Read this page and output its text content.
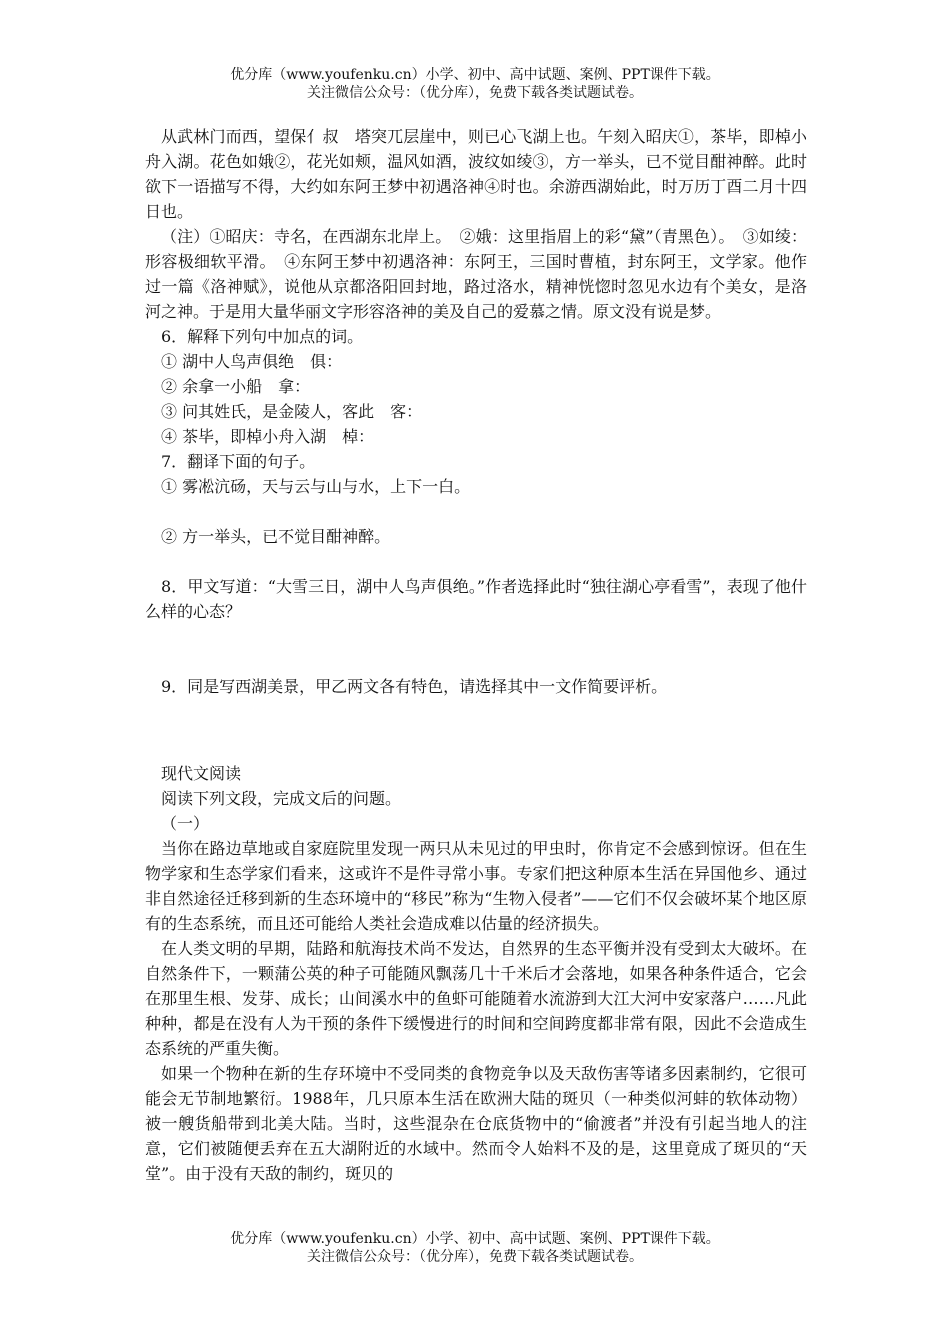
优分库（www.youfenku.cn）小学、初中、高中试题、案例、PPT课件下载。
关注微信公众号：（优分库），免费下载各类试题试卷。

从武林门而西，望保亻叔　塔突兀层崖中，则已心飞湖上也。午刻入昭庆①，茶毕，即棹小舟入湖。花色如娥②，花光如颊，温风如酒，波纹如绫③，方一举头，已不觉目酣神醉。此时欲下一语描写不得，大约如东阿王梦中初遇洛神④时也。余游西湖始此，时万历丁酉二月十四日也。

（注）①昭庆：寺名，在西湖东北岸上。　②娥：这里指眉上的彩“黛”（青黑色）。　③如绫：形容极细软平滑。　④东阿王梦中初遇洛神：东阿王，三国时曹植，封东阿王，文学家。他作过一篇《洛神赋》，说他从京都洛阳回封地，路过洛水，精神恍惚时忽见水边有个美女，是洛河之神。于是用大量华丽文字形容洛神的美及自己的爱慕之情。原文没有说是梦。

6．解释下列句中加点的词。

① 湖中人鸟声俱绝　俱：

② 余拿一小船　拿：

③ 问其姓氏，是金陵人，客此　客：

④ 茶毕，即棹小舟入湖　棹：

7．翻译下面的句子。

① 雾凇沆砀，天与云与山与水，上下一白。

② 方一举头，已不觉目酣神醉。

8．甲文写道：“大雪三日，湖中人鸟声俱绝。”作者选择此时“独往湖心亭看雪”，表现了他什么样的心态？

9．同是写西湖美景，甲乙两文各有特色，请选择其中一文作简要评析。

现代文阅读

阅读下列文段，完成文后的问题。

（一）

当你在路边草地或自家庭院里发现一两只从未见过的甲虫时，你肯定不会感到惊讶。但在生物学家和生态学家们看来，这或许不是件寻常小事。专家们把这种原本生活在异国他乡、通过非自然途径迁移到新的生态环境中的“移民”称为“生物入侵者”——它们不仅会破坏某个地区原有的生态系统，而且还可能给人类社会造成难以估量的经济损失。

在人类文明的早期，陆路和航海技术尚不发达，自然界的生态平衡并没有受到太大破坏。在自然条件下，一颗蒲公英的种子可能随风飘荡几十千米后才会落地，如果各种条件适合，它会在那里生根、发芽、成长；山间溪水中的鱼虾可能随着水流游到大江大河中安家落户……凡此种种，都是在没有人为干预的条件下缓慢进行的时间和空间跨度都非常有限，因此不会造成生态系统的严重失衡。

如果一个物种在新的生存环境中不受同类的食物竞争以及天敌伤害等诸多因素制约，它很可能会无节制地繁衍。1988年，几只原本生活在欧洲大陆的斑贝（一种类似河蚌的软体动物）被一艘货船带到北美大陆。当时，这些混杂在仓底货物中的“偷渡者”并没有引起当地人的注意，它们被随便丢弃在五大湖附近的水域中。然而令人始料不及的是，这里竟成了斑贝的“天堂”。由于没有天敌的制约，斑贝的

优分库（www.youfenku.cn）小学、初中、高中试题、案例、PPT课件下载。
关注微信公众号：（优分库），免费下载各类试题试卷。
